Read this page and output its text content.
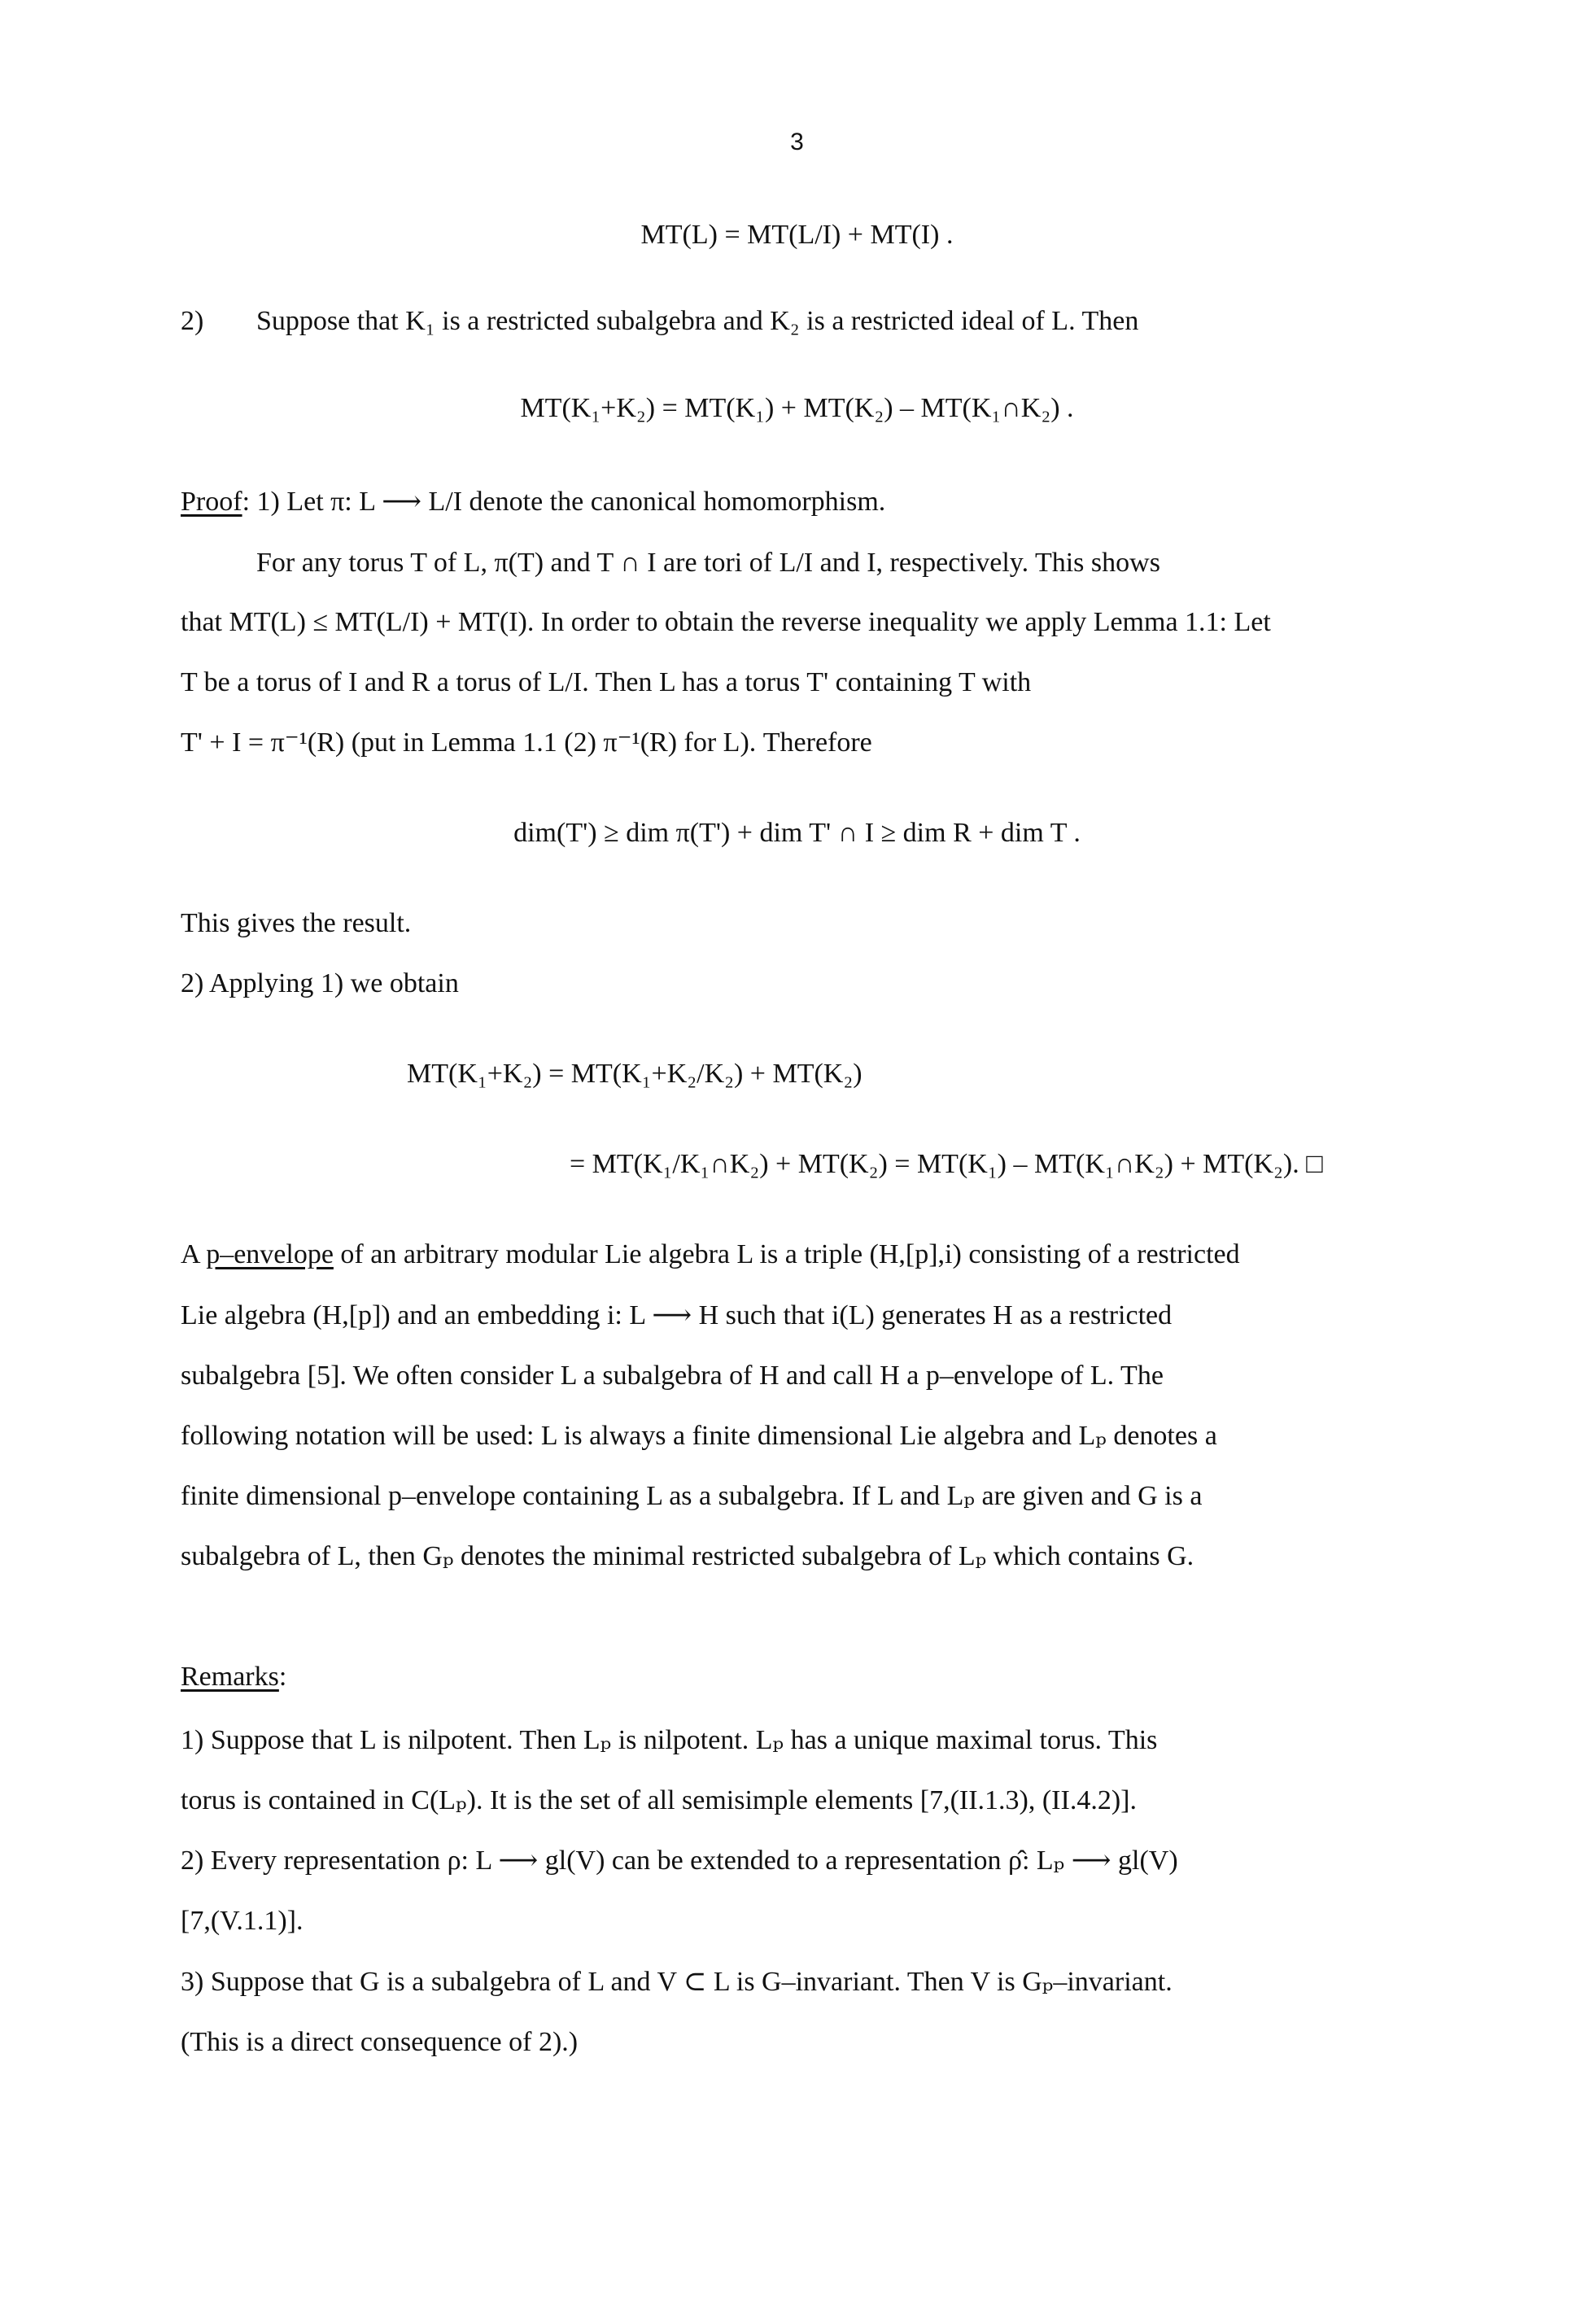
3
MT(L) = MT(L/I) + MT(I) .
2) Suppose that K₁ is a restricted subalgebra and K₂ is a restricted ideal of L. Then
MT(K₁+K₂) = MT(K₁) + MT(K₂) – MT(K₁∩K₂) .
Proof: 1) Let π: L ⟶ L/I denote the canonical homomorphism.
For any torus T of L, π(T) and T ∩ I are tori of L/I and I, respectively. This shows
that MT(L) ≤ MT(L/I) + MT(I). In order to obtain the reverse inequality we apply Lemma 1.1: Let
T be a torus of I and R a torus of L/I. Then L has a torus T' containing T with
T' + I = π⁻¹(R) (put in Lemma 1.1 (2) π⁻¹(R) for L). Therefore
dim(T') ≥ dim π(T') + dim T' ∩ I ≥ dim R + dim T .
This gives the result.
2) Applying 1) we obtain
MT(K₁+K₂) = MT(K₁+K₂/K₂) + MT(K₂)
= MT(K₁/K₁∩K₂) + MT(K₂) = MT(K₁) – MT(K₁∩K₂) + MT(K₂). □
A p–envelope of an arbitrary modular Lie algebra L is a triple (H,[p],i) consisting of a restricted
Lie algebra (H,[p]) and an embedding i: L ⟶ H such that i(L) generates H as a restricted
subalgebra [5]. We often consider L a subalgebra of H and call H a p–envelope of L. The
following notation will be used: L is always a finite dimensional Lie algebra and Lₚ denotes a
finite dimensional p–envelope containing L as a subalgebra. If L and Lₚ are given and G is a
subalgebra of L, then Gₚ denotes the minimal restricted subalgebra of Lₚ which contains G.
Remarks:
1) Suppose that L is nilpotent. Then Lₚ is nilpotent. Lₚ has a unique maximal torus. This
torus is contained in C(Lₚ). It is the set of all semisimple elements [7,(II.1.3), (II.4.2)].
2) Every representation ρ: L ⟶ gl(V) can be extended to a representation ρ̂: Lₚ ⟶ gl(V)
[7,(V.1.1)].
3) Suppose that G is a subalgebra of L and V ⊂ L is G–invariant. Then V is Gₚ–invariant.
(This is a direct consequence of 2).)
